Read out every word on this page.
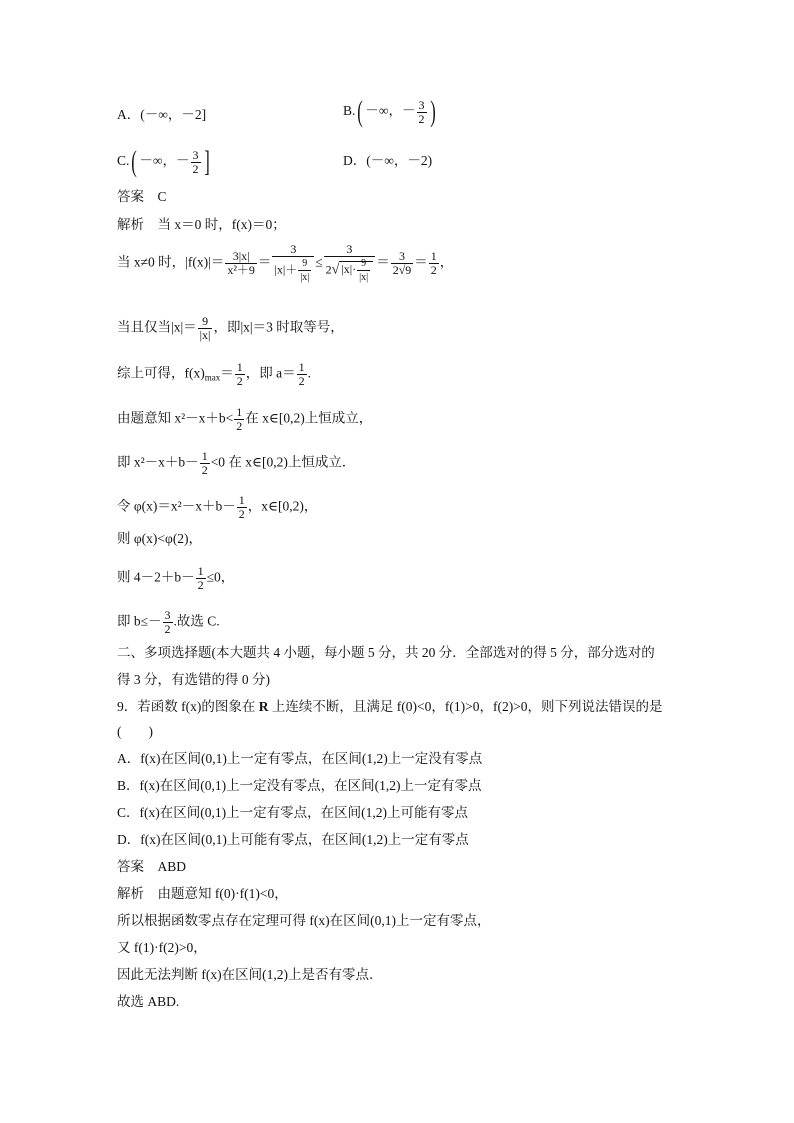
A．(－∞，－2]	B.( －∞，－ $\frac{3}{2}$ )
C.( －∞，－ $\frac{3}{2}$ ]	D．(－∞，－2)
答案　C
解析　当 x＝0 时，f(x)＝0；
当 x≠0 时，$|f(x)|= \frac{3|x|}{\text{x²＋9}} = \frac{3}{|x|+ \frac{9}{|x|}} \le \frac{3}{2√ |x|\cdot \frac{9}{|x|}} = \frac{3}{2√9} = \frac{1}{2}$ ，
当且仅当$|x|= \frac{9}{|x|}$ ，即|x|＝3 时取等号，
综上可得，$f(x)_{max}= \frac{1}{2}$ ，即 $a= \frac{1}{2}$ .
由题意知 $x^2-x+b< \frac{1}{2}$ 在 x∈[0,2)上恒成立，
即 $x^2-x+b- \frac{1}{2} <0$ 在 x∈[0,2)上恒成立．
令 $\varphi(x)=x^2-x+b- \frac{1}{2}$ ，x∈[0,2)，
则 φ(x)<φ(2)，
则 $4-2+b- \frac{1}{2} \le 0$，
即 $b\le- \frac{3}{2}$ .故选 C.
二、多项选择题(本大题共 4 小题，每小题 5 分，共 20 分．全部选对的得 5 分，部分选对的
得 3 分，有选错的得 0 分)
9．若函数 f(x)的图象在 R 上连续不断，且满足 f(0)<0，f(1)>0，f(2)>0，则下列说法错误的是
(　　)
A．f(x)在区间(0,1)上一定有零点，在区间(1,2)上一定没有零点
B．f(x)在区间(0,1)上一定没有零点，在区间(1,2)上一定有零点
C．f(x)在区间(0,1)上一定有零点，在区间(1,2)上可能有零点
D．f(x)在区间(0,1)上可能有零点，在区间(1,2)上一定有零点
答案　ABD
解析　由题意知 f(0)·f(1)<0，
所以根据函数零点存在定理可得 f(x)在区间(0,1)上一定有零点，
又 f(1)·f(2)>0，
因此无法判断 f(x)在区间(1,2)上是否有零点．
故选 ABD.
